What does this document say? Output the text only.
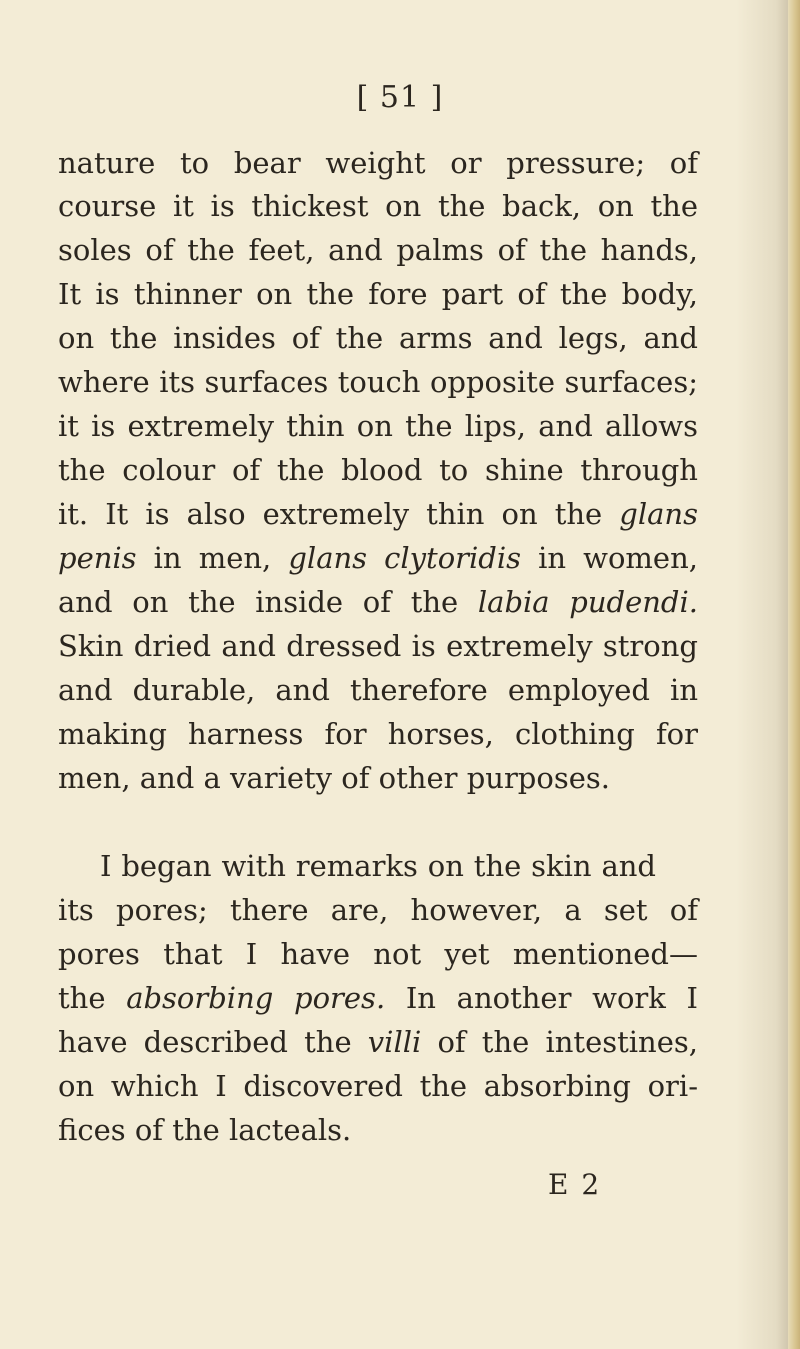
[ 51 ]
nature to bear weight or pressure; of
course it is thickest on the back, on the
soles of the feet, and palms of the hands,
It is thinner on the fore part of the body,
on the insides of the arms and legs, and
where its surfaces touch opposite surfaces;
it is extremely thin on the lips, and allows
the colour of the blood to shine through
it. It is also extremely thin on the glans
penis in men, glans clytoridis in women,
and on the inside of the labia pudendi.
Skin dried and dressed is extremely strong
and durable, and therefore employed in
making harness for horses, clothing for
men, and a variety of other purposes.
I began with remarks on the skin and
its pores; there are, however, a set of
pores that I have not yet mentioned—
the absorbing pores. In another work I
have described the villi of the intestines,
on which I discovered the absorbing ori-
fices of the lacteals.
E 2
